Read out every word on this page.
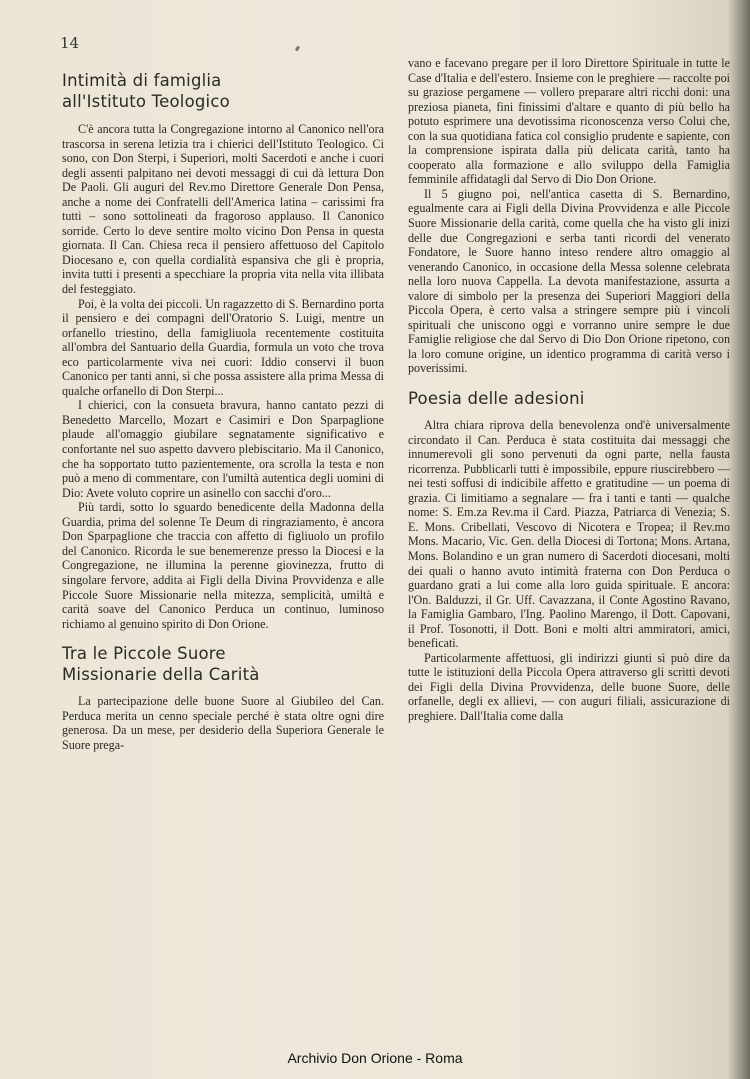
14
Intimità di famiglia
all'Istituto Teologico

C'è ancora tutta la Congregazione intorno al Canonico nell'ora trascorsa in serena letizia tra i chierici dell'Istituto Teologico. Ci sono, con Don Sterpi, i Superiori, molti Sacerdoti e anche i cuori degli assenti palpitano nei devoti messaggi di cui dà lettura Don De Paoli. Gli auguri del Rev.mo Direttore Generale Don Pensa, anche a nome dei Confratelli dell'America latina – carissimi fra tutti – sono sottolineati da fragoroso applauso. Il Canonico sorride. Certo lo deve sentire molto vicino Don Pensa in questa giornata. Il Can. Chiesa reca il pensiero affettuoso del Capitolo Diocesano e, con quella cordialità espansiva che gli è propria, invita tutti i presenti a specchiare la propria vita nella vita illibata del festeggiato.

Poi, è la volta dei piccoli. Un ragazzetto di S. Bernardino porta il pensiero e dei compagni dell'Oratorio S. Luigi, mentre un orfanello triestino, della famigliuola recentemente costituita all'ombra del Santuario della Guardia, formula un voto che trova eco particolarmente viva nei cuori: Iddio conservi il buon Canonico per tanti anni, sì che possa assistere alla prima Messa di qualche orfanello di Don Sterpi...

I chierici, con la consueta bravura, hanno cantato pezzi di Benedetto Marcello, Mozart e Casimiri e Don Sparpaglione plaude all'omaggio giubilare segnatamente significativo e confortante nel suo aspetto davvero plebiscitario. Ma il Canonico, che ha sopportato tutto pazientemente, ora scrolla la testa e non può a meno di commentare, con l'umiltà autentica degli uomini di Dio: Avete voluto coprire un asinello con sacchi d'oro...

Più tardi, sotto lo sguardo benedicente della Madonna della Guardia, prima del solenne Te Deum di ringraziamento, è ancora Don Sparpaglione che traccia con affetto di figliuolo un profilo del Canonico. Ricorda le sue benemerenze presso la Diocesi e la Congregazione, ne illumina la perenne giovinezza, frutto di singolare fervore, addita ai Figli della Divina Provvidenza e alle Piccole Suore Missionarie nella mitezza, semplicità, umiltà e carità soave del Canonico Perduca un continuo, luminoso richiamo al genuino spirito di Don Orione.

Tra le Piccole Suore
Missionarie della Carità

La partecipazione delle buone Suore al Giubileo del Can. Perduca merita un cenno speciale perché è stata oltre ogni dire generosa. Da un mese, per desiderio della Superiora Generale le Suore prega-

vano e facevano pregare per il loro Direttore Spirituale in tutte le Case d'Italia e dell'estero. Insieme con le preghiere — raccolte poi su graziose pergamene — vollero preparare altri ricchi doni: una preziosa pianeta, fini finissimi d'altare e quanto di più bello ha potuto esprimere una devotissima riconoscenza verso Colui che, con la sua quotidiana fatica col consiglio prudente e sapiente, con la comprensione ispirata dalla più delicata carità, tanto ha cooperato alla formazione e allo sviluppo della Famiglia femminile affidatagli dal Servo di Dio Don Orione.

Il 5 giugno poi, nell'antica casetta di S. Bernardino, egualmente cara ai Figli della Divina Provvidenza e alle Piccole Suore Missionarie della carità, come quella che ha visto gli inizi delle due Congregazioni e serba tanti ricordi del venerato Fondatore, le Suore hanno inteso rendere altro omaggio al venerando Canonico, in occasione della Messa solenne celebrata nella loro nuova Cappella. La devota manifestazione, assurta a valore di simbolo per la presenza dei Superiori Maggiori della Piccola Opera, è certo valsa a stringere sempre più i vincoli spirituali che uniscono oggi e vorranno unire sempre le due Famiglie religiose che dal Servo di Dio Don Orione ripetono, con la loro comune origine, un identico programma di carità verso i poverissimi.

Poesia delle adesioni

Altra chiara riprova della benevolenza ond'è universalmente circondato il Can. Perduca è stata costituita dai messaggi che innumerevoli gli sono pervenuti da ogni parte, nella fausta ricorrenza. Pubblicarli tutti è impossibile, eppure riuscirebbero — nei testi soffusi di indicibile affetto e gratitudine — un poema di grazia. Ci limitiamo a segnalare — fra i tanti e tanti — qualche nome: S. Em.za Rev.ma il Card. Piazza, Patriarca di Venezia; S. E. Mons. Cribellati, Vescovo di Nicotera e Tropea; il Rev.mo Mons. Macario, Vic. Gen. della Diocesi di Tortona; Mons. Artana, Mons. Bolandino e un gran numero di Sacerdoti diocesani, molti dei quali o hanno avuto intimità fraterna con Don Perduca o guardano grati a lui come alla loro guida spirituale. E ancora: l'On. Balduzzi, il Gr. Uff. Cavazzana, il Conte Agostino Ravano, la Famiglia Gambaro, l'Ing. Paolino Marengo, il Dott. Capovani, il Prof. Tosonotti, il Dott. Boni e molti altri ammiratori, amici, beneficati.

Particolarmente affettuosi, gli indirizzi giunti sì può dire da tutte le istituzioni della Piccola Opera attraverso gli scritti devoti dei Figli della Divina Provvidenza, delle buone Suore, delle orfanelle, degli ex allievi, — con auguri filiali, assicurazione di preghiere. Dall'Italia come dalla

Archivio Don Orione - Roma
